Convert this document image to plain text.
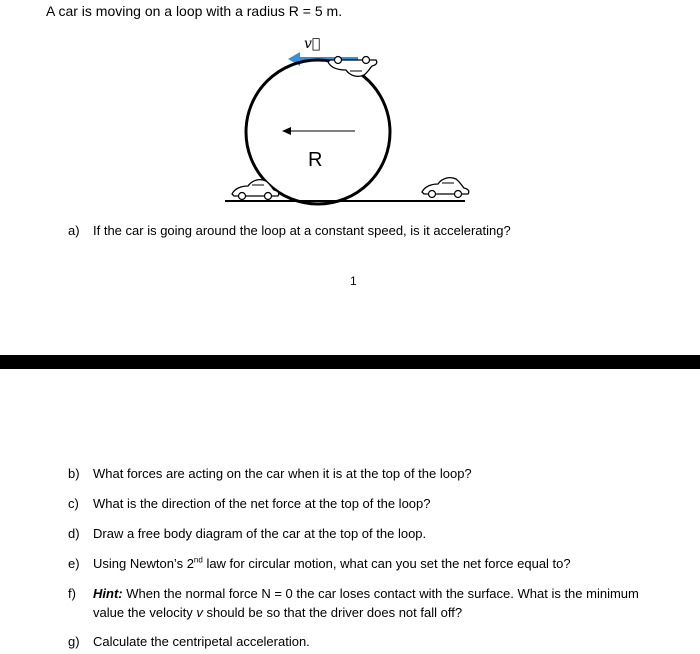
A car is moving on a loop with a radius R = 5 m.
v⃗
R
a) If the car is going around the loop at a constant speed, is it accelerating?
1
b) What forces are acting on the car when it is at the top of the loop?
c) What is the direction of the net force at the top of the loop?
d) Draw a free body diagram of the car at the top of the loop.
e) Using Newton’s 2nd law for circular motion, what can you set the net force equal to?
f) Hint: When the normal force N = 0 the car loses contact with the surface. What is the minimum
value the velocity v should be so that the driver does not fall off?
g) Calculate the centripetal acceleration.
